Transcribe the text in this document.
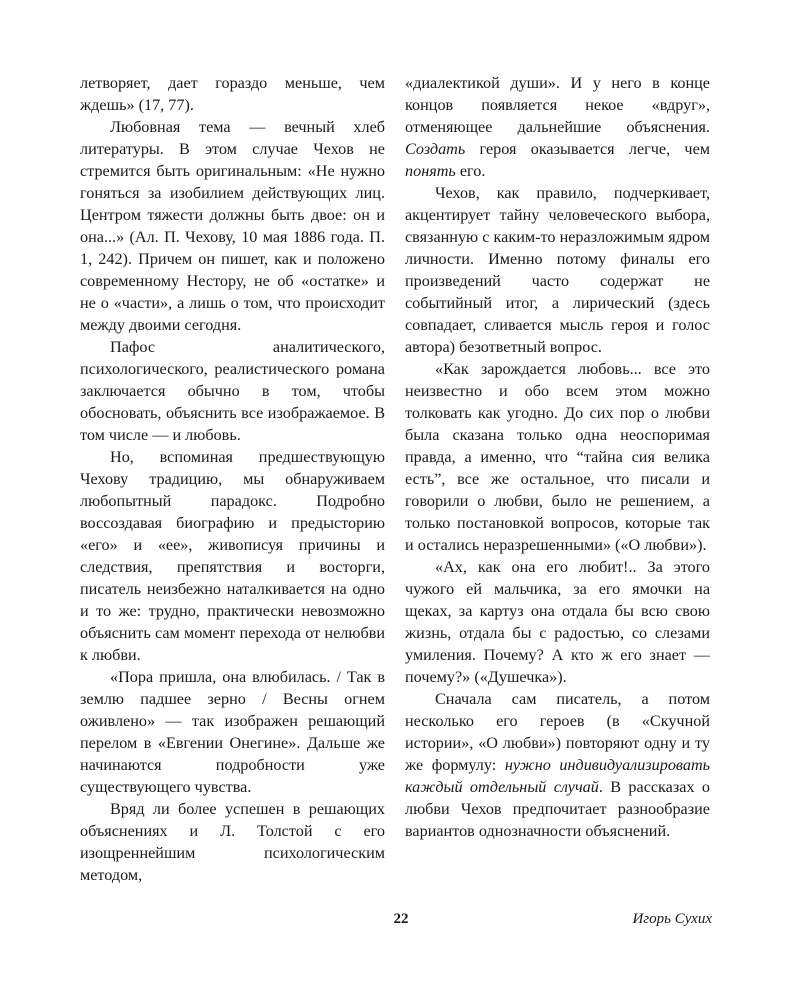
летворяет, дает гораздо меньше, чем ждешь» (17, 77).

Любовная тема — вечный хлеб литературы. В этом случае Чехов не стремится быть оригинальным: «Не нужно гоняться за изобилием действующих лиц. Центром тяжести должны быть двое: он и она...» (Ал. П. Чехову, 10 мая 1886 года. П. 1, 242). Причем он пишет, как и положено современному Нестору, не об «остатке» и не о «части», а лишь о том, что происходит между двоими сегодня.

Пафос аналитического, психологического, реалистического романа заключается обычно в том, чтобы обосновать, объяснить все изображаемое. В том числе — и любовь.

Но, вспоминая предшествующую Чехову традицию, мы обнаруживаем любопытный парадокс. Подробно воссоздавая биографию и предысторию «его» и «ее», живописуя причины и следствия, препятствия и восторги, писатель неизбежно наталкивается на одно и то же: трудно, практически невозможно объяснить сам момент перехода от нелюбви к любви.

«Пора пришла, она влюбилась. / Так в землю падшее зерно / Весны огнем оживлено» — так изображен решающий перелом в «Евгении Онегине». Дальше же начинаются подробности уже существующего чувства.

Вряд ли более успешен в решающих объяснениях и Л. Толстой с его изощреннейшим психологическим методом,

«диалектикой души». И у него в конце концов появляется некое «вдруг», отменяющее дальнейшие объяснения. Создать героя оказывается легче, чем понять его.

Чехов, как правило, подчеркивает, акцентирует тайну человеческого выбора, связанную с каким-то неразложимым ядром личности. Именно потому финалы его произведений часто содержат не событийный итог, а лирический (здесь совпадает, сливается мысль героя и голос автора) безответный вопрос.

«Как зарождается любовь... все это неизвестно и обо всем этом можно толковать как угодно. До сих пор о любви была сказана только одна неоспоримая правда, а именно, что “тайна сия велика есть”, все же остальное, что писали и говорили о любви, было не решением, а только постановкой вопросов, которые так и остались неразрешенными» («О любви»).

«Ах, как она его любит!.. За этого чужого ей мальчика, за его ямочки на щеках, за картуз она отдала бы всю свою жизнь, отдала бы с радостью, со слезами умиления. Почему? А кто ж его знает — почему?» («Душечка»).

Сначала сам писатель, а потом несколько его героев (в «Скучной истории», «О любви») повторяют одну и ту же формулу: нужно индивидуализировать каждый отдельный случай. В рассказах о любви Чехов предпочитает разнообразие вариантов однозначности объяснений.

22	Игорь Сухих
